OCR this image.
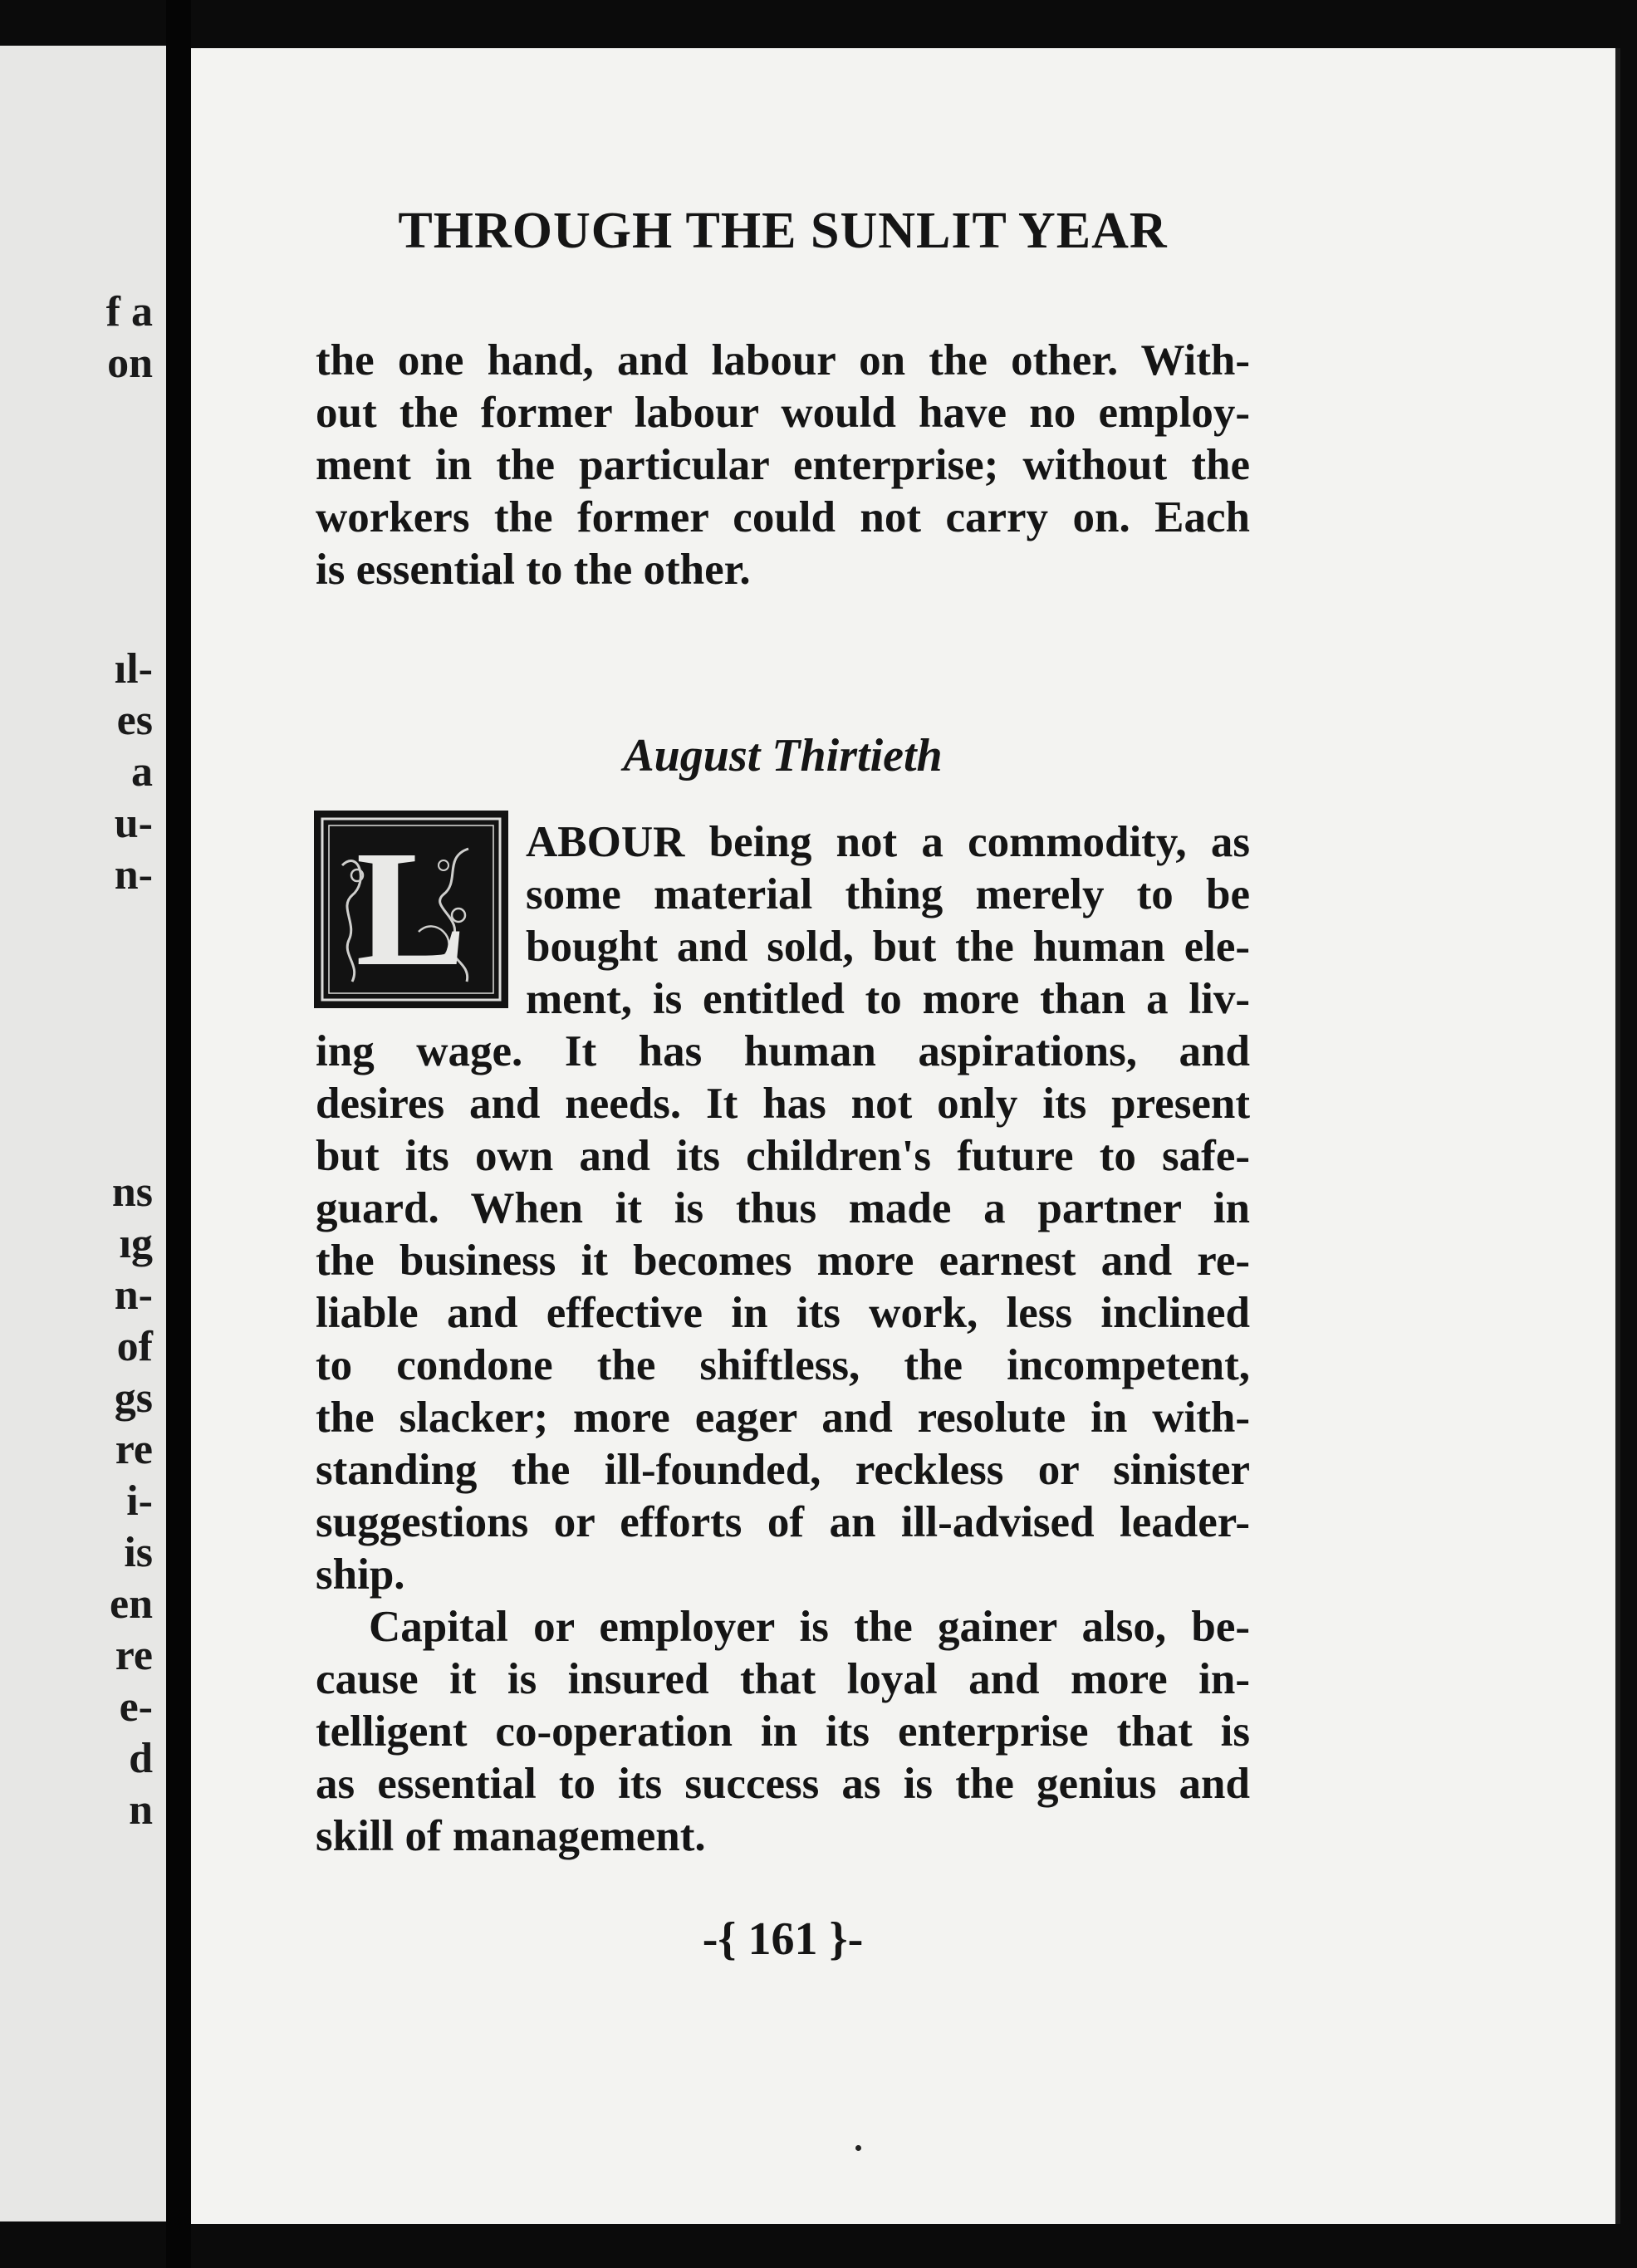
f a
on
ıl-
es
a
u-
n-
ns
ıg
n-
of
gs
re
i-
is
en
re
e-
d
n
THROUGH THE SUNLIT YEAR
the one hand, and labour on the other. With-
out the former labour would have no employ-
ment in the particular enterprise; without the
workers the former could not carry on. Each
is essential to the other.
August Thirtieth
L	ABOUR being not a commodity, as
some material thing merely to be
bought and sold, but the human ele-
ment, is entitled to more than a liv-
ing wage. It has human aspirations, and
desires and needs. It has not only its present
but its own and its children's future to safe-
guard. When it is thus made a partner in
the business it becomes more earnest and re-
liable and effective in its work, less inclined
to condone the shiftless, the incompetent,
the slacker; more eager and resolute in with-
standing the ill-founded, reckless or sinister
suggestions or efforts of an ill-advised leader-
ship.
Capital or employer is the gainer also, be-
cause it is insured that loyal and more in-
telligent co-operation in its enterprise that is
as essential to its success as is the genius and
skill of management.
-{ 161 }-
